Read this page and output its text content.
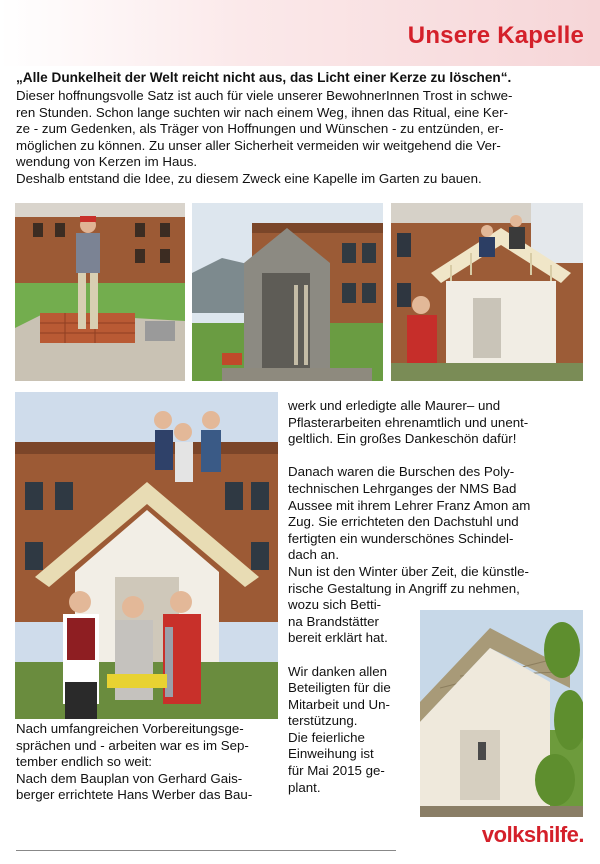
Unsere Kapelle

„Alle Dunkelheit der Welt reicht nicht aus, das Licht einer Kerze zu löschen“.

Dieser hoffnungsvolle Satz ist auch für viele unserer BewohnerInnen Trost in schwe-
ren Stunden. Schon lange suchten wir nach einem Weg, ihnen das Ritual, eine Ker-
ze - zum Gedenken, als Träger von Hoffnungen und Wünschen - zu entzünden, er-
möglichen zu können. Zu unser aller Sicherheit vermeiden wir weitgehend die Ver-
wendung von Kerzen im Haus.
Deshalb entstand die Idee, zu diesem Zweck eine Kapelle im Garten zu bauen.

werk und erledigte alle Maurer– und
Pflasterarbeiten ehrenamtlich und unent-
geltlich. Ein großes Dankeschön dafür!

Danach waren die Burschen des Poly-
technischen Lehrganges der NMS Bad
Aussee mit ihrem Lehrer Franz Amon am
Zug. Sie errichteten den Dachstuhl und
fertigten ein wunderschönes Schindel-
dach an.
Nun ist den Winter über Zeit, die künstle-
rische Gestaltung in Angriff zu nehmen,
wozu sich Betti-
na Brandstätter
bereit erklärt hat.

Wir danken allen
Beteiligten für die
Mitarbeit und Un-
terstützung.
Die feierliche
Einweihung ist
für Mai 2015 ge-
plant.

Nach umfangreichen Vorbereitungsge-
sprächen und - arbeiten war es im Sep-
tember endlich so weit:
Nach dem Bauplan von Gerhard Gais-
berger errichtete Hans Werber das Bau-

volkshilfe.
